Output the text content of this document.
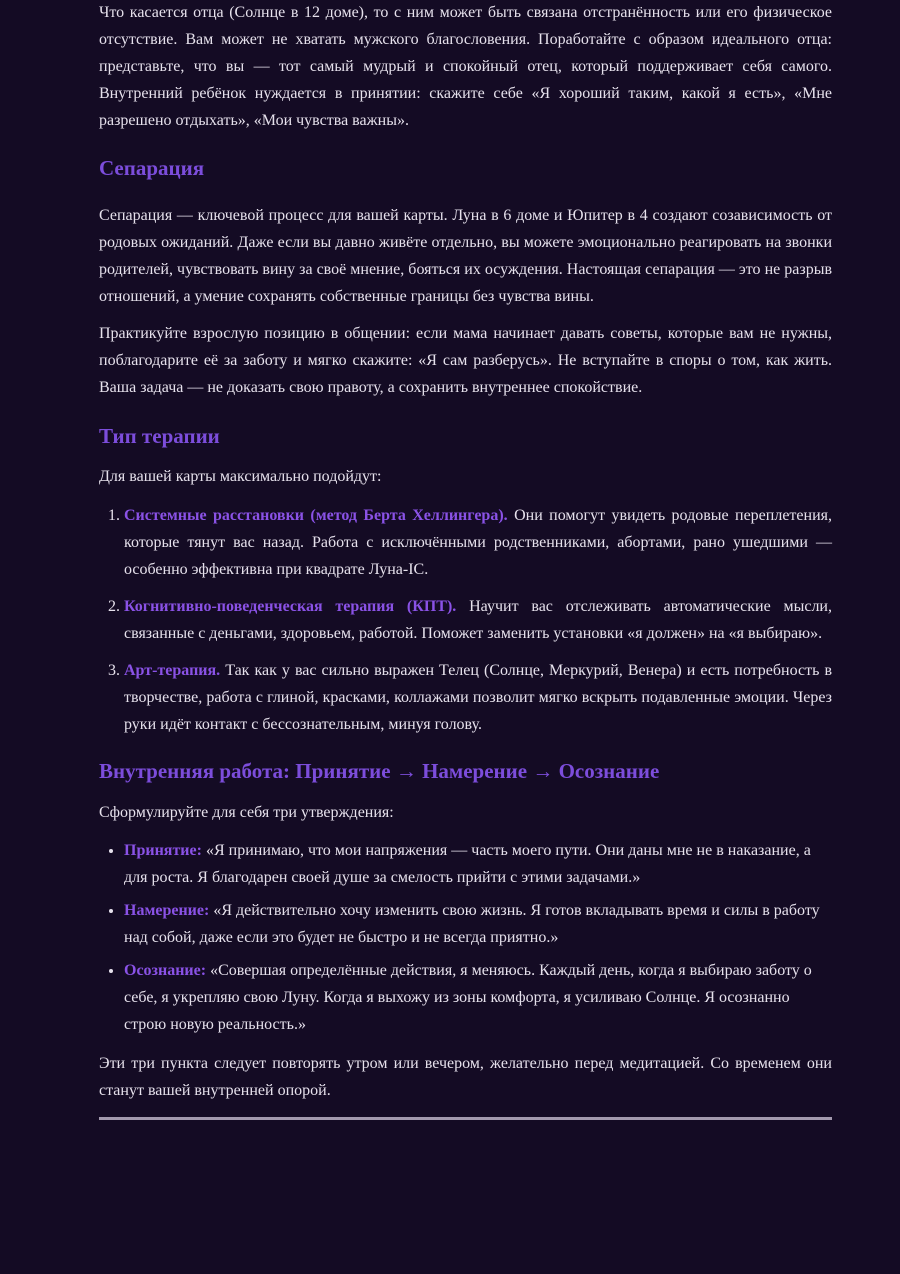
Что касается отца (Солнце в 12 доме), то с ним может быть связана отстранённость или его физическое отсутствие. Вам может не хватать мужского благословения. Поработайте с образом идеального отца: представьте, что вы — тот самый мудрый и спокойный отец, который поддерживает себя самого. Внутренний ребёнок нуждается в принятии: скажите себе «Я хороший таким, какой я есть», «Мне разрешено отдыхать», «Мои чувства важны».

Сепарация

Сепарация — ключевой процесс для вашей карты. Луна в 6 доме и Юпитер в 4 создают созависимость от родовых ожиданий. Даже если вы давно живёте отдельно, вы можете эмоционально реагировать на звонки родителей, чувствовать вину за своё мнение, бояться их осуждения. Настоящая сепарация — это не разрыв отношений, а умение сохранять собственные границы без чувства вины.

Практикуйте взрослую позицию в общении: если мама начинает давать советы, которые вам не нужны, поблагодарите её за заботу и мягко скажите: «Я сам разберусь». Не вступайте в споры о том, как жить. Ваша задача — не доказать свою правоту, а сохранить внутреннее спокойствие.

Тип терапии

Для вашей карты максимально подойдут:

1. Системные расстановки (метод Берта Хеллингера). Они помогут увидеть родовые переплетения, которые тянут вас назад. Работа с исключёнными родственниками, абортами, рано ушедшими — особенно эффективна при квадрате Луна-IC.
2. Когнитивно-поведенческая терапия (КПТ). Научит вас отслеживать автоматические мысли, связанные с деньгами, здоровьем, работой. Поможет заменить установки «я должен» на «я выбираю».
3. Арт-терапия. Так как у вас сильно выражен Телец (Солнце, Меркурий, Венера) и есть потребность в творчестве, работа с глиной, красками, коллажами позволит мягко вскрыть подавленные эмоции. Через руки идёт контакт с бессознательным, минуя голову.
Внутренняя работа: Принятие → Намерение → Осознание

Сформулируйте для себя три утверждения:

• Принятие: «Я принимаю, что мои напряжения — часть моего пути. Они даны мне не в наказание, а для роста. Я благодарен своей душе за смелость прийти с этими задачами.»
• Намерение: «Я действительно хочу изменить свою жизнь. Я готов вкладывать время и силы в работу над собой, даже если это будет не быстро и не всегда приятно.»
• Осознание: «Совершая определённые действия, я меняюсь. Каждый день, когда я выбираю заботу о себе, я укрепляю свою Луну. Когда я выхожу из зоны комфорта, я усиливаю Солнце. Я осознанно строю новую реальность.»

Эти три пункта следует повторять утром или вечером, желательно перед медитацией. Со временем они станут вашей внутренней опорой.
